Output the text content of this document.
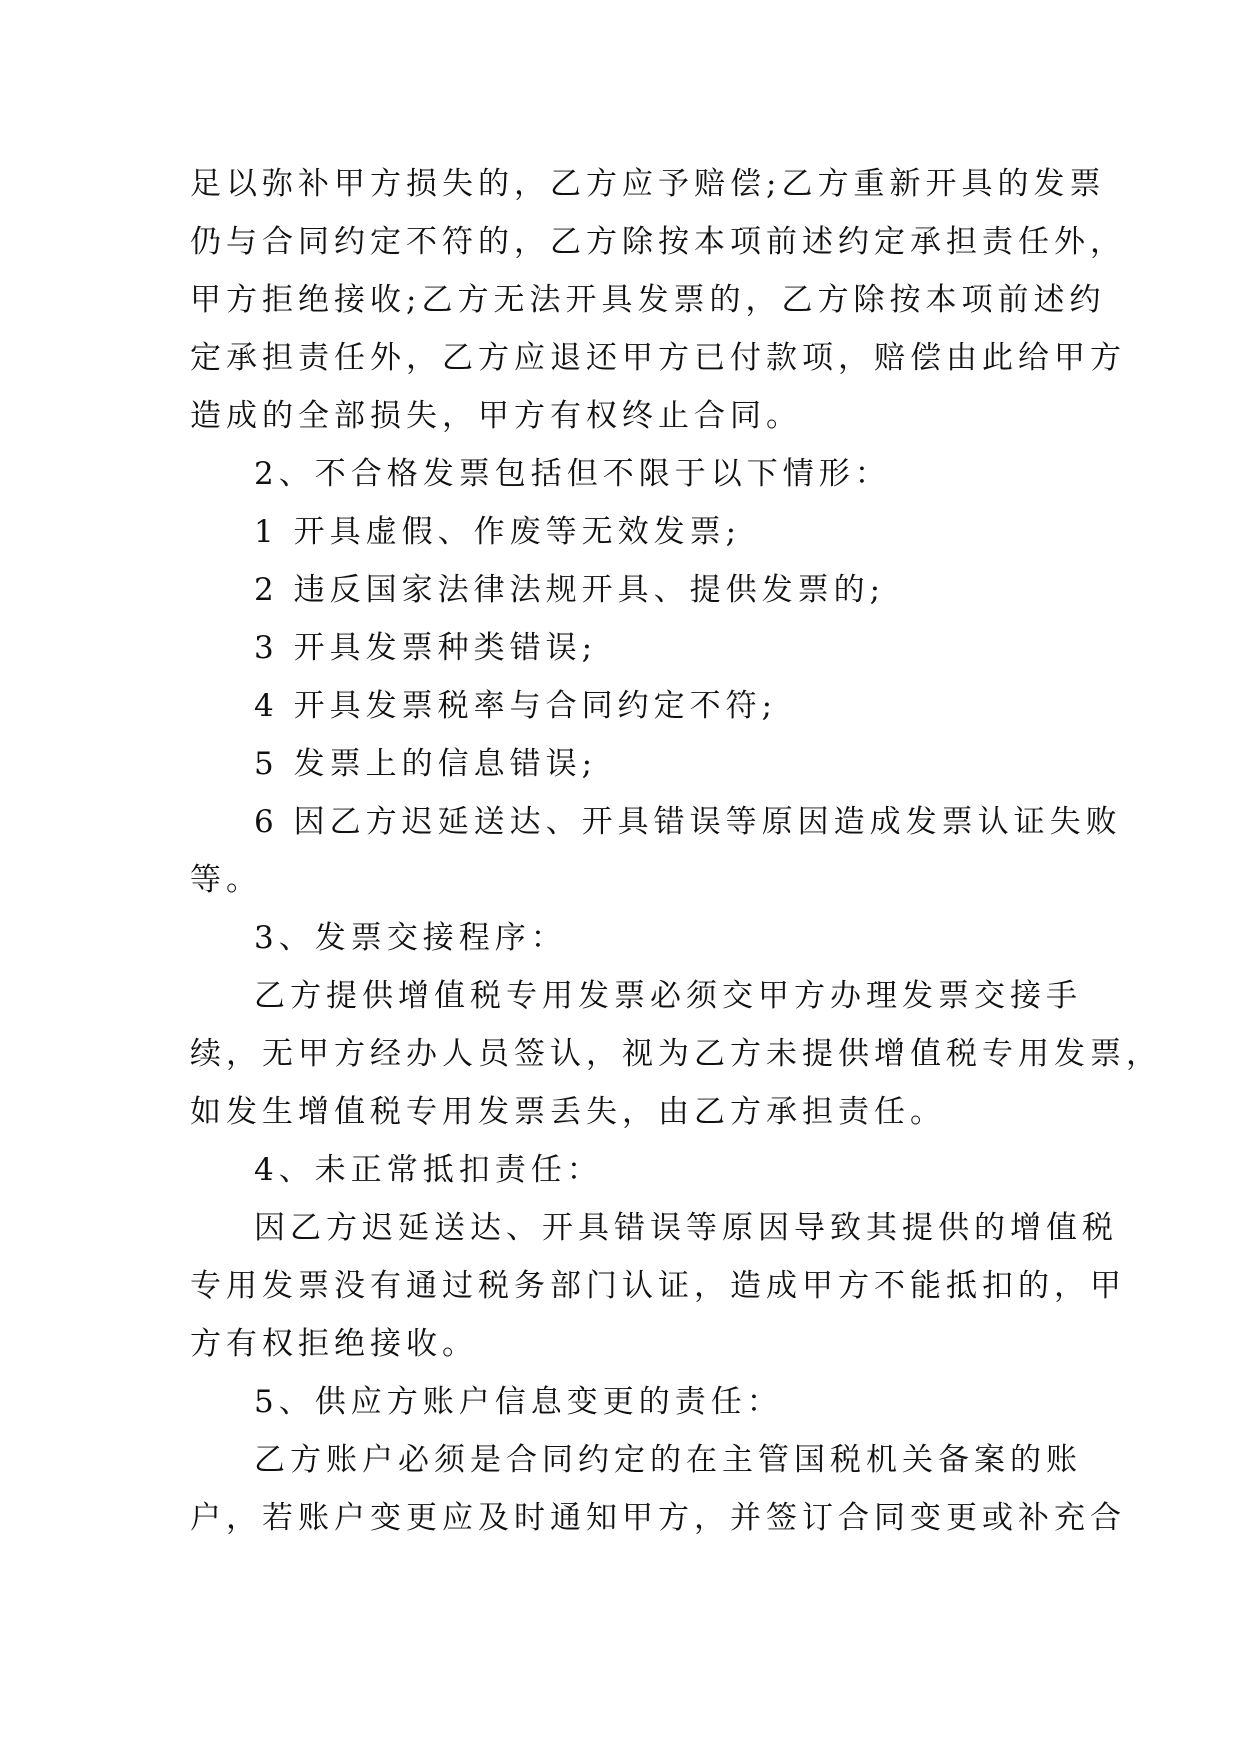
足以弥补甲方损失的，乙方应予赔偿;乙方重新开具的发票
仍与合同约定不符的，乙方除按本项前述约定承担责任外，
甲方拒绝接收;乙方无法开具发票的，乙方除按本项前述约
定承担责任外，乙方应退还甲方已付款项，赔偿由此给甲方
造成的全部损失，甲方有权终止合同。
2、不合格发票包括但不限于以下情形：
1 开具虚假、作废等无效发票;
2 违反国家法律法规开具、提供发票的;
3 开具发票种类错误;
4 开具发票税率与合同约定不符;
5 发票上的信息错误;
6 因乙方迟延送达、开具错误等原因造成发票认证失败
等。
3、发票交接程序：
乙方提供增值税专用发票必须交甲方办理发票交接手
续，无甲方经办人员签认，视为乙方未提供增值税专用发票，
如发生增值税专用发票丢失，由乙方承担责任。
4、未正常抵扣责任：
因乙方迟延送达、开具错误等原因导致其提供的增值税
专用发票没有通过税务部门认证，造成甲方不能抵扣的，甲
方有权拒绝接收。
5、供应方账户信息变更的责任：
乙方账户必须是合同约定的在主管国税机关备案的账
户，若账户变更应及时通知甲方，并签订合同变更或补充合
